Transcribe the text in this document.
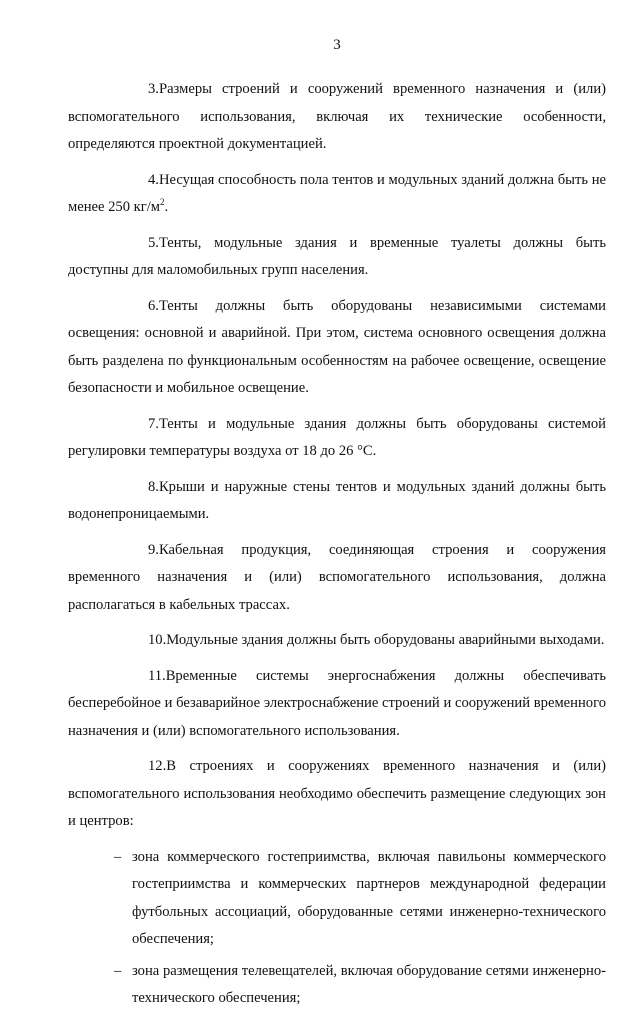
3

3.Размеры строений и сооружений временного назначения и (или) вспомогательного использования, включая их технические особенности, определяются проектной документацией.

4.Несущая способность пола тентов и модульных зданий должна быть не менее 250 $кг/м^2$.

5.Тенты, модульные здания и временные туалеты должны быть доступны для маломобильных групп населения.

6.Тенты должны быть оборудованы независимыми системами освещения: основной и аварийной. При этом, система основного освещения должна быть разделена по функциональным особенностям на рабочее освещение, освещение безопасности и мобильное освещение.

7.Тенты и модульные здания должны быть оборудованы системой регулировки температуры воздуха от 18 до 26 °С.

8.Крыши и наружные стены тентов и модульных зданий должны быть водонепроницаемыми.

9.Кабельная продукция, соединяющая строения и сооружения временного назначения и (или) вспомогательного использования, должна располагаться в кабельных трассах.

10.Модульные здания должны быть оборудованы аварийными выходами.

11.Временные системы энергоснабжения должны обеспечивать бесперебойное и безаварийное электроснабжение строений и сооружений временного назначения и (или) вспомогательного использования.

12.В строениях и сооружениях временного назначения и (или) вспомогательного использования необходимо обеспечить размещение следующих зон и центров:

– зона коммерческого гостеприимства, включая павильоны коммерческого гостеприимства и коммерческих партнеров международной федерации футбольных ассоциаций, оборудованные сетями инженерно-технического обеспечения;
– зона размещения телевещателей, включая оборудование сетями инженерно-технического обеспечения;
